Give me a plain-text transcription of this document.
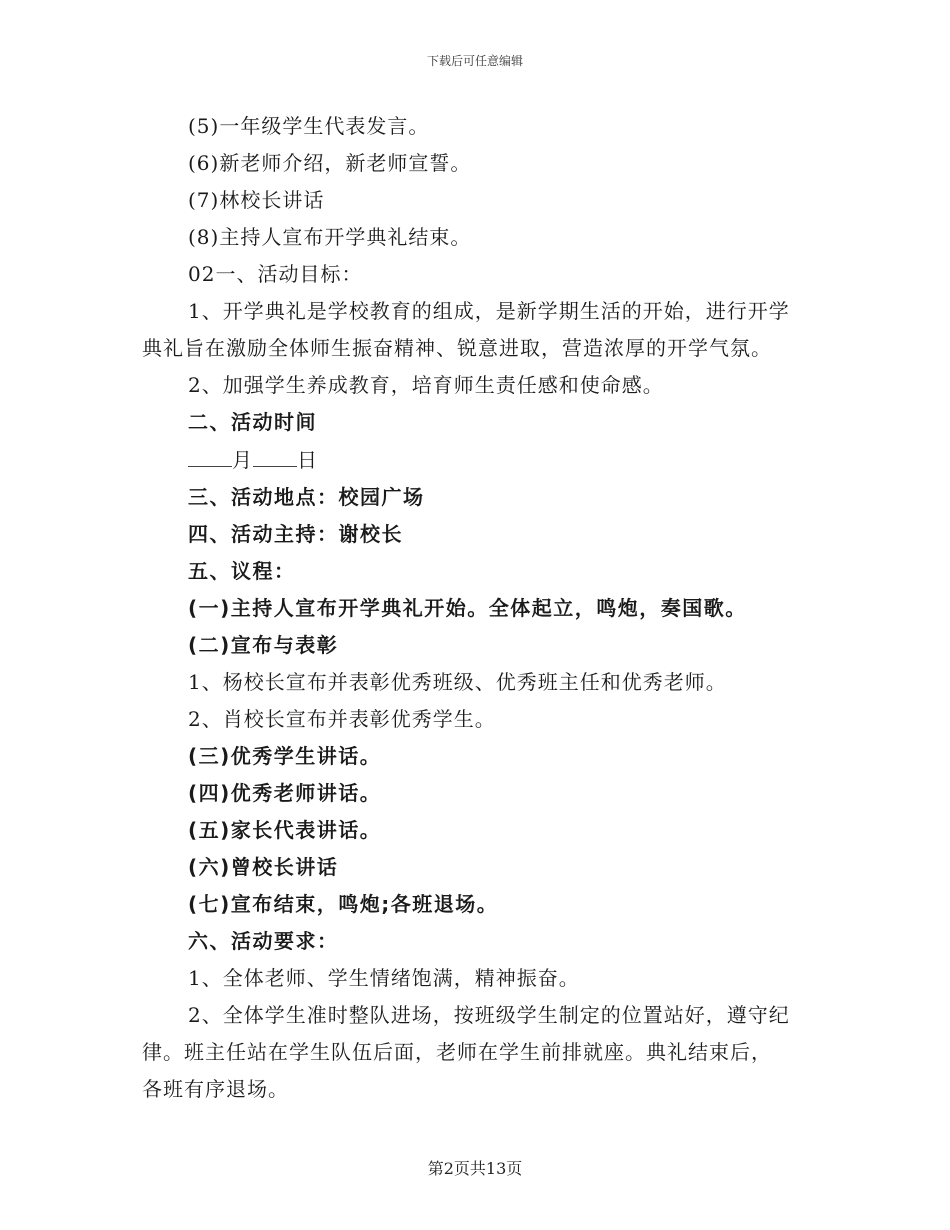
下载后可任意编辑
(5)一年级学生代表发言。
(6)新老师介绍，新老师宣誓。
(7)林校长讲话
(8)主持人宣布开学典礼结束。
02一、活动目标：
1、开学典礼是学校教育的组成，是新学期生活的开始，进行开学
典礼旨在激励全体师生振奋精神、锐意进取，营造浓厚的开学气氛。
2、加强学生养成教育，培育师生责任感和使命感。
二、活动时间
月 日
三、活动地点：校园广场
四、活动主持：谢校长
五、议程：
(一)主持人宣布开学典礼开始。全体起立，鸣炮，奏国歌。
(二)宣布与表彰
1、杨校长宣布并表彰优秀班级、优秀班主任和优秀老师。
2、肖校长宣布并表彰优秀学生。
(三)优秀学生讲话。
(四)优秀老师讲话。
(五)家长代表讲话。
(六)曾校长讲话
(七)宣布结束，鸣炮;各班退场。
六、活动要求：
1、全体老师、学生情绪饱满，精神振奋。
2、全体学生准时整队进场，按班级学生制定的位置站好，遵守纪
律。班主任站在学生队伍后面，老师在学生前排就座。典礼结束后，
各班有序退场。
第2页共13页
